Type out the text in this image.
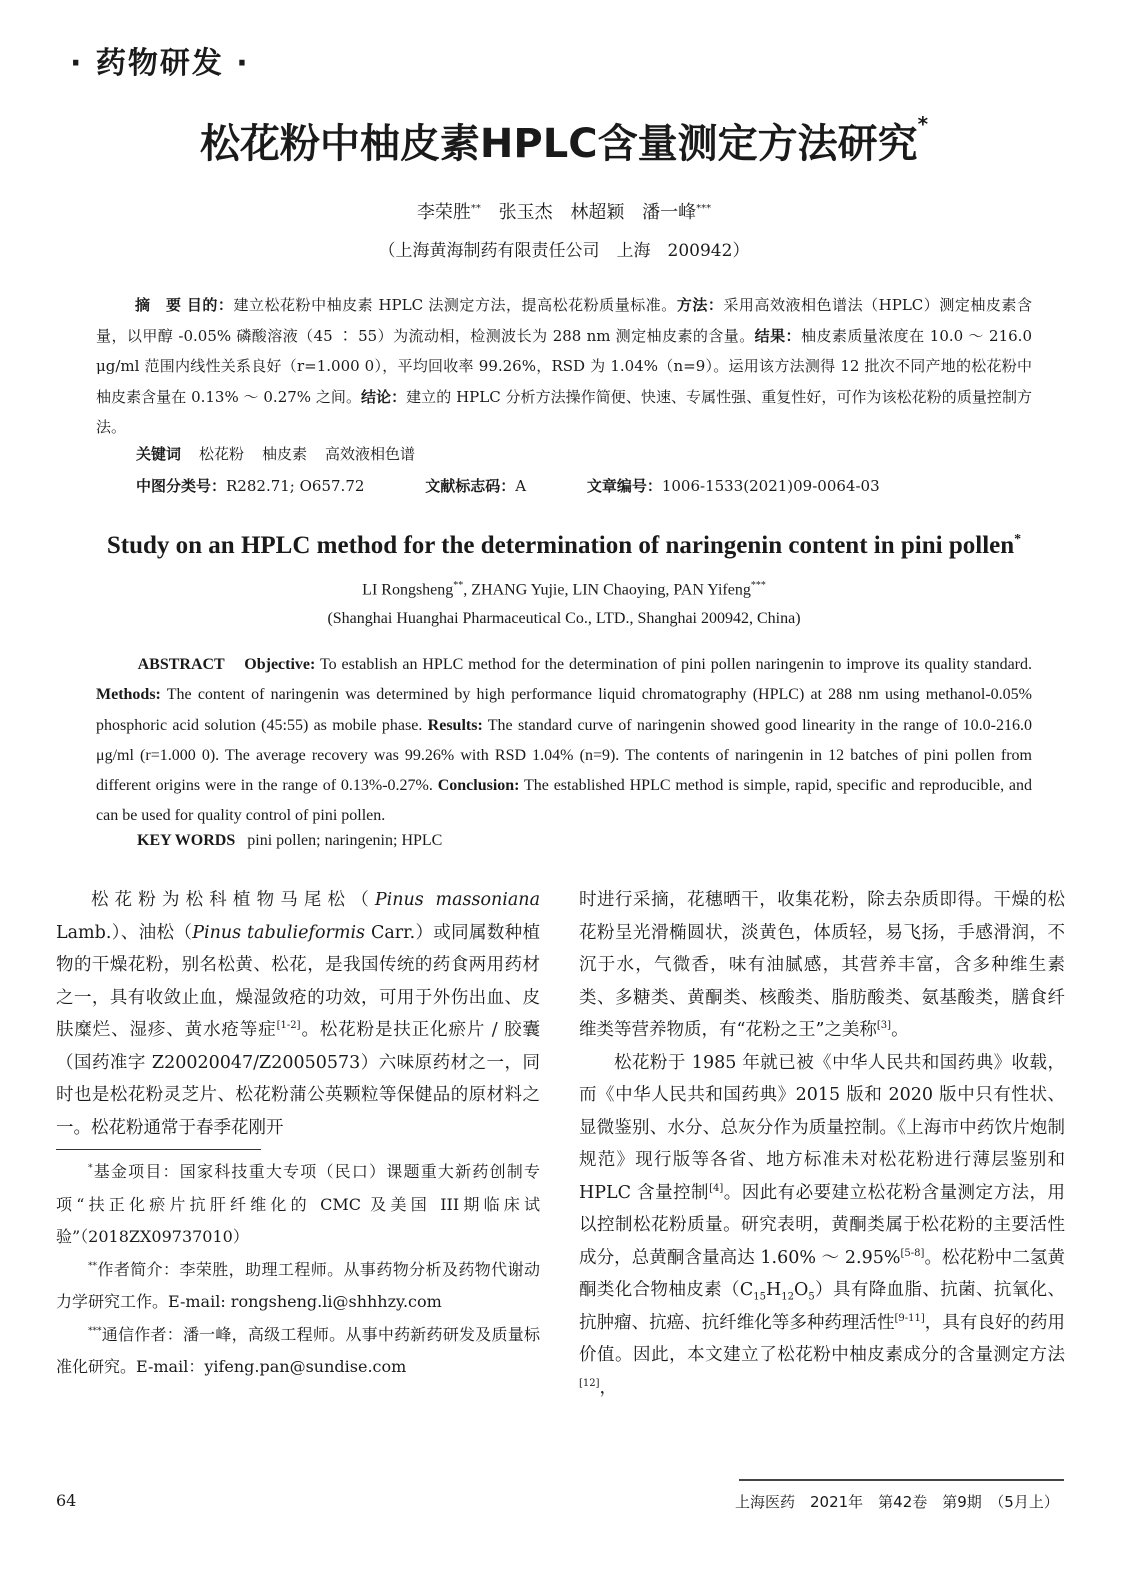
· 药物研发 ·
松花粉中柚皮素HPLC含量测定方法研究*
李荣胜** 张玉杰 林超颖 潘一峰***
（上海黄海制药有限责任公司　上海　200942）
摘　要 目的：建立松花粉中柚皮素 HPLC 法测定方法，提高松花粉质量标准。方法：采用高效液相色谱法（HPLC）测定柚皮素含量，以甲醇 -0.05% 磷酸溶液（45 ∶ 55）为流动相，检测波长为 288 nm 测定柚皮素的含量。结果：柚皮素质量浓度在 10.0 ～ 216.0 μg/ml 范围内线性关系良好（r=1.000 0），平均回收率 99.26%，RSD 为 1.04%（n=9）。运用该方法测得 12 批次不同产地的松花粉中柚皮素含量在 0.13% ～ 0.27% 之间。结论：建立的 HPLC 分析方法操作简便、快速、专属性强、重复性好，可作为该松花粉的质量控制方法。
关键词 松花粉 柚皮素 高效液相色谱
中图分类号：R282.71; O657.72	文献标志码：A	文章编号：1006-1533(2021)09-0064-03
Study on an HPLC method for the determination of naringenin content in pini pollen*
LI Rongsheng**, ZHANG Yujie, LIN Chaoying, PAN Yifeng***
(Shanghai Huanghai Pharmaceutical Co., LTD., Shanghai 200942, China)
ABSTRACT Objective: To establish an HPLC method for the determination of pini pollen naringenin to improve its quality standard. Methods: The content of naringenin was determined by high performance liquid chromatography (HPLC) at 288 nm using methanol-0.05% phosphoric acid solution (45:55) as mobile phase. Results: The standard curve of naringenin showed good linearity in the range of 10.0-216.0 μg/ml (r=1.000 0). The average recovery was 99.26% with RSD 1.04% (n=9). The contents of naringenin in 12 batches of pini pollen from different origins were in the range of 0.13%-0.27%. Conclusion: The established HPLC method is simple, rapid, specific and reproducible, and can be used for quality control of pini pollen.
KEY WORDS pini pollen; naringenin; HPLC

松花粉为松科植物马尾松（Pinus massoniana Lamb.）、油松（Pinus tabulieformis Carr.）或同属数种植物的干燥花粉，别名松黄、松花，是我国传统的药食两用药材之一，具有收敛止血，燥湿敛疮的功效，可用于外伤出血、皮肤糜烂、湿疹、黄水疮等症[1-2]。松花粉是扶正化瘀片 / 胶囊（国药准字 Z20020047/Z20050573）六味原药材之一，同时也是松花粉灵芝片、松花粉蒲公英颗粒等保健品的原材料之一。松花粉通常于春季花刚开

*基金项目：国家科技重大专项（民口）课题重大新药创制专项“扶正化瘀片抗肝纤维化的 CMC 及美国 III期临床试验”（2018ZX09737010）

**作者简介：李荣胜，助理工程师。从事药物分析及药物代谢动力学研究工作。E-mail: rongsheng.li@shhhzy.com

***通信作者：潘一峰，高级工程师。从事中药新药研发及质量标准化研究。E-mail：yifeng.pan@sundise.com

时进行采摘，花穗晒干，收集花粉，除去杂质即得。干燥的松花粉呈光滑椭圆状，淡黄色，体质轻，易飞扬，手感滑润，不沉于水，气微香，味有油腻感，其营养丰富，含多种维生素类、多糖类、黄酮类、核酸类、脂肪酸类、氨基酸类，膳食纤维类等营养物质，有“花粉之王”之美称[3]。

松花粉于 1985 年就已被《中华人民共和国药典》收载，而《中华人民共和国药典》2015 版和 2020 版中只有性状、显微鉴别、水分、总灰分作为质量控制。《上海市中药饮片炮制规范》现行版等各省、地方标准未对松花粉进行薄层鉴别和 HPLC 含量控制[4]。因此有必要建立松花粉含量测定方法，用以控制松花粉质量。研究表明，黄酮类属于松花粉的主要活性成分，总黄酮含量高达 1.60% ～ 2.95%[5-8]。松花粉中二氢黄酮类化合物柚皮素$(C_{15}H_{12}O_5)$具有降血脂、抗菌、抗氧化、抗肿瘤、抗癌、抗纤维化等多种药理活性[9-11]，具有良好的药用价值。因此，本文建立了松花粉中柚皮素成分的含量测定方法[12]，

64	上海医药　2021年　第42卷　第9期　（5月上）
